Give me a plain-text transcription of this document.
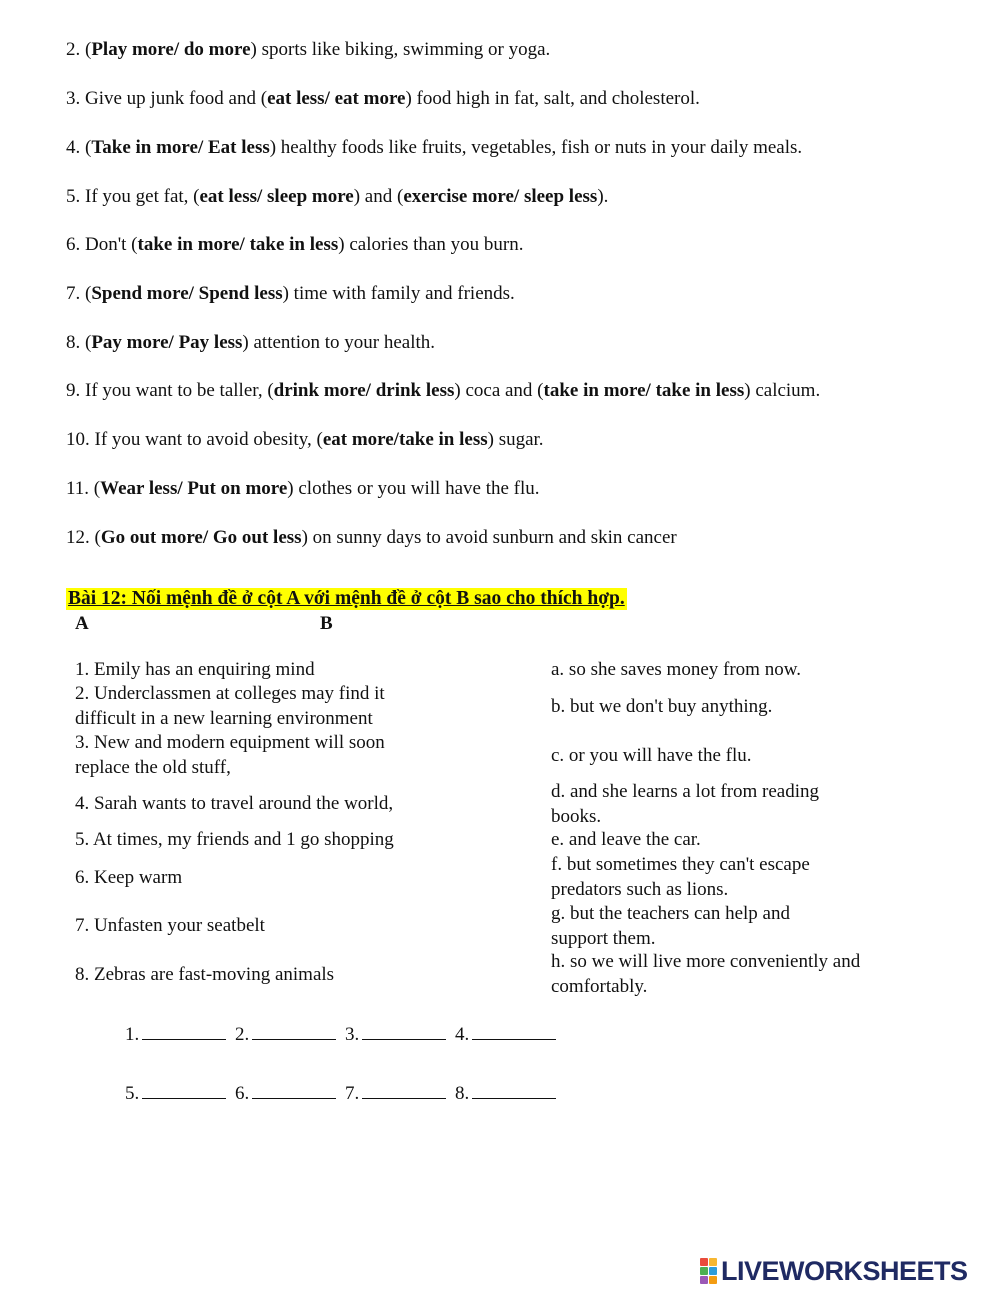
2. (Play more/ do more) sports like biking, swimming or yoga.
3. Give up junk food and (eat less/ eat more) food high in fat, salt, and cholesterol.
4. (Take in more/ Eat less) healthy foods like fruits, vegetables, fish or nuts in your daily meals.
5. If you get fat, (eat less/ sleep more) and (exercise more/ sleep less).
6. Don't (take in more/ take in less) calories than you burn.
7. (Spend more/ Spend less) time with family and friends.
8. (Pay more/ Pay less) attention to your health.
9. If you want to be taller, (drink more/ drink less) coca and (take in more/ take in less) calcium.
10. If you want to avoid obesity, (eat more/take in less) sugar.
11. (Wear less/ Put on more) clothes or you will have the flu.
12. (Go out more/ Go out less) on sunny days to avoid sunburn and skin cancer
Bài 12: Nối mệnh đề ở cột A với mệnh đề ở cột B sao cho thích hợp.
A	B
1. Emily has an enquiring mind
2. Underclassmen at colleges may find it difficult in a new learning environment
3. New and modern equipment will soon replace the old stuff,
4. Sarah wants to travel around the world,
5. At times, my friends and 1 go shopping
6. Keep warm
7. Unfasten your seatbelt
8. Zebras are fast-moving animals
a. so she saves money from now.
b. but we don't buy anything.
c. or you will have the flu.
d. and she learns a lot from reading books.
e. and leave the car.
f. but sometimes they can't escape predators such as lions.
g. but the teachers can help and support them.
h. so we will live more conveniently and comfortably.
1.	2.	3.	4.
5.	6.	7.	8.
LIVEWORKSHEETS
